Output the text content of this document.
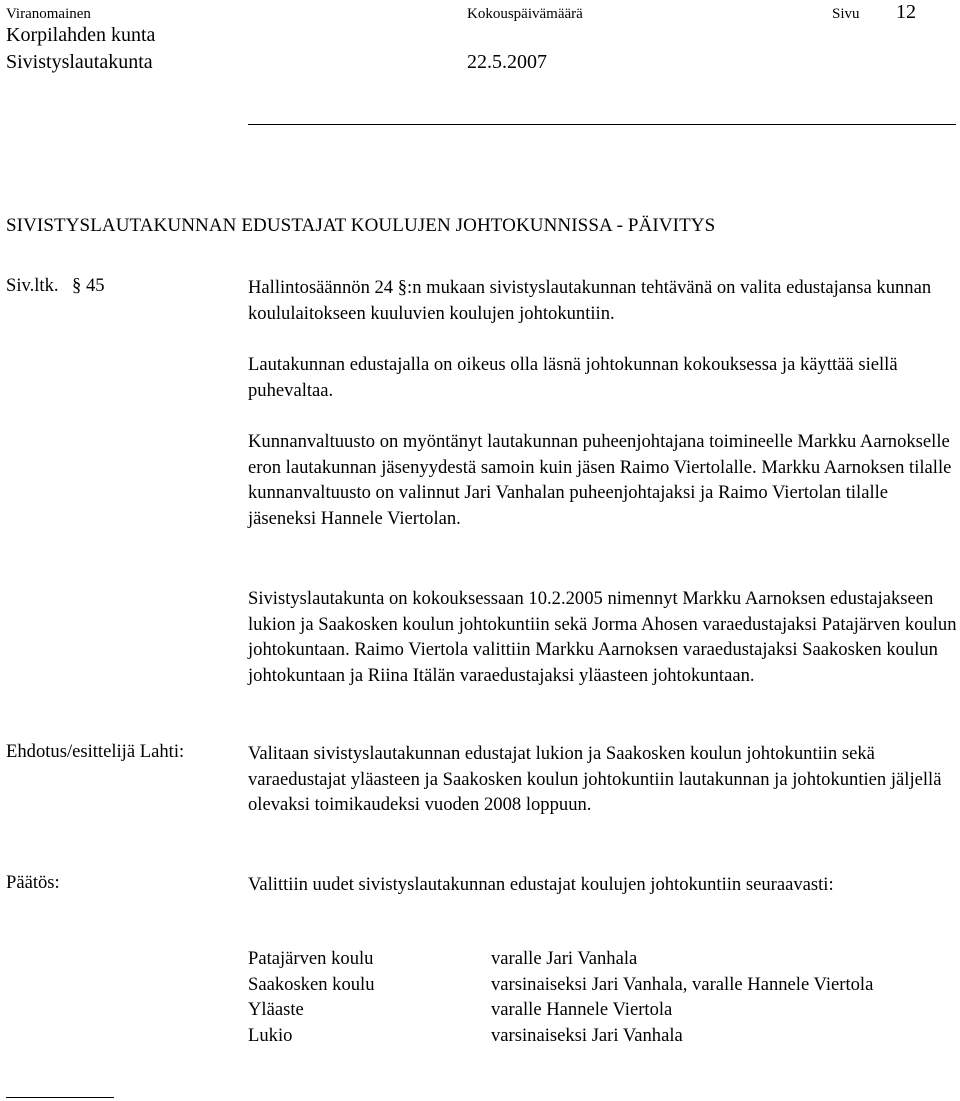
Viranomainen	Kokouspäivämäärä	Sivu 12
Korpilahden kunta
Sivistyslautakunta	22.5.2007
SIVISTYSLAUTAKUNNAN EDUSTAJAT KOULUJEN JOHTOKUNNISSA - PÄIVITYS
Siv.ltk. § 45	Hallintosäännön 24 §:n mukaan sivistyslautakunnan tehtävänä on valita edustajansa kunnan koululaitokseen kuuluvien koulujen johtokuntiin.

Lautakunnan edustajalla on oikeus olla läsnä johtokunnan kokouksessa ja käyttää siellä puhevaltaa.

Kunnanvaltuusto on myöntänyt lautakunnan puheenjohtajana toimineelle Markku Aarnokselle eron lautakunnan jäsenyydestä samoin kuin jäsen Raimo Viertolalle. Markku Aarnoksen tilalle kunnanvaltuusto on valinnut Jari Vanhalan puheenjohtajaksi ja Raimo Viertolan tilalle jäseneksi Hannele Viertolan.

Sivistyslautakunta on kokouksessaan 10.2.2005 nimennyt Markku Aarnoksen edustajakseen lukion ja Saakosken koulun johtokuntiin sekä Jorma Ahosen varaedustajaksi Patajärven koulun johtokuntaan. Raimo Viertola valittiin Markku Aarnoksen varaedustajaksi Saakosken koulun johtokuntaan ja Riina Itälän varaedustajaksi yläasteen johtokuntaan.

Ehdotus/esittelijä Lahti:	Valitaan sivistyslautakunnan edustajat lukion ja Saakosken koulun johtokuntiin sekä varaedustajat yläasteen ja Saakosken koulun johtokuntiin lautakunnan ja johtokuntien jäljellä olevaksi toimikaudeksi vuoden 2008 loppuun.

Päätös:	Valittiin uudet sivistyslautakunnan edustajat koulujen johtokuntiin seuraavasti:

Patajärven koulu	varalle Jari Vanhala
Saakosken koulu	varsinaiseksi Jari Vanhala, varalle Hannele Viertola
Yläaste	varalle Hannele Viertola
Lukio	varsinaiseksi Jari Vanhala
